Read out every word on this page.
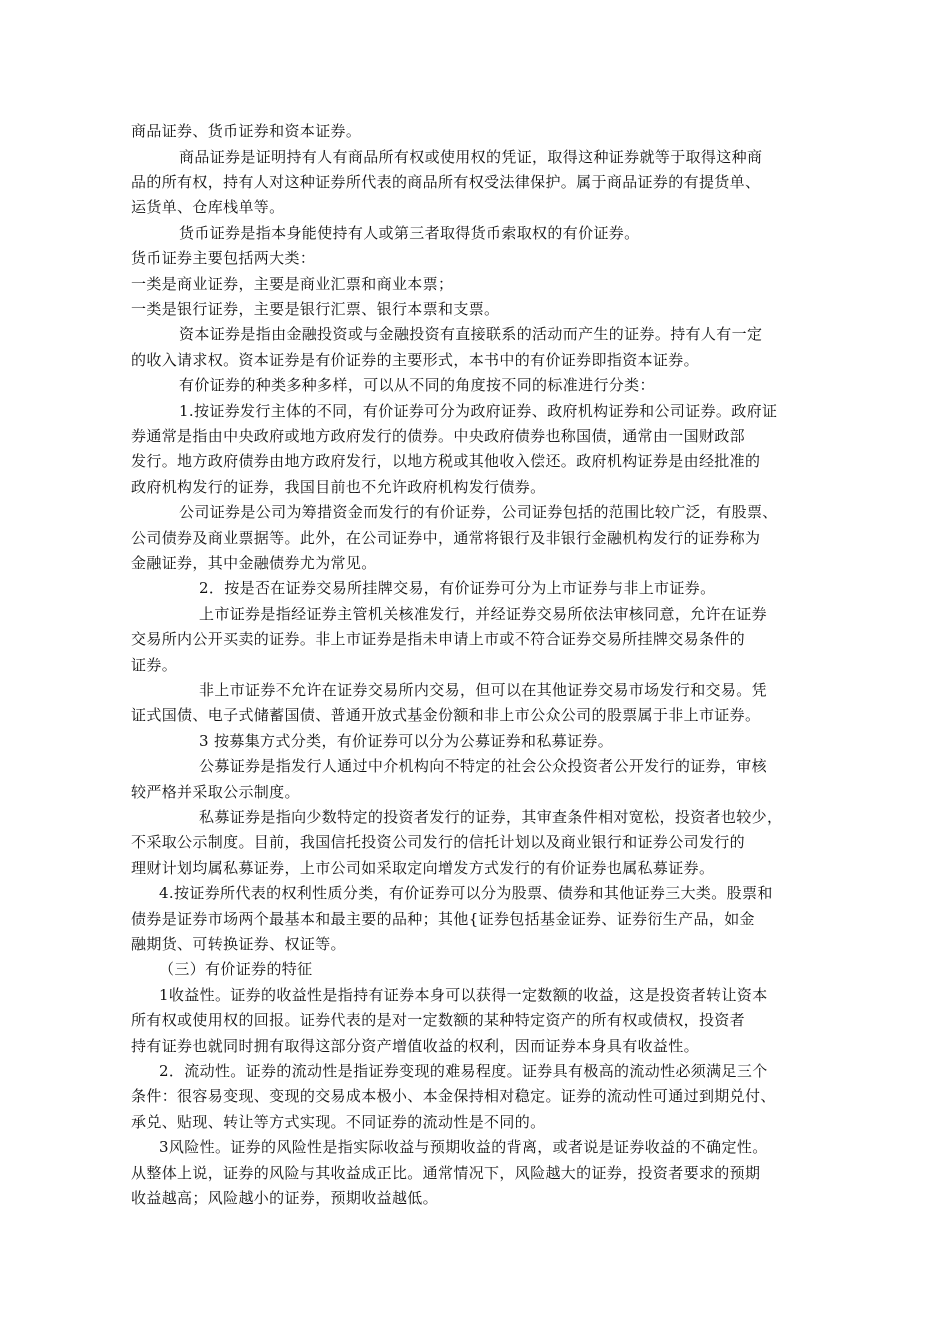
商品证券、货币证券和资本证券。

商品证券是证明持有人有商品所有权或使用权的凭证，取得这种证券就等于取得这种商

品的所有权，持有人对这种证券所代表的商品所有权受法律保护。属于商品证券的有提货单、

运货单、仓库栈单等。

货币证券是指本身能使持有人或第三者取得货币索取权的有价证券。

货币证券主要包括两大类：

一类是商业证券，主要是商业汇票和商业本票；

一类是银行证券，主要是银行汇票、银行本票和支票。

资本证券是指由金融投资或与金融投资有直接联系的活动而产生的证券。持有人有一定

的收入请求权。资本证券是有价证券的主要形式，本书中的有价证券即指资本证券。

有价证券的种类多种多样，可以从不同的角度按不同的标准进行分类：

1.按证券发行主体的不同，有价证券可分为政府证券、政府机构证券和公司证券。政府证

券通常是指由中央政府或地方政府发行的债券。中央政府债券也称国债，通常由一国财政部

发行。地方政府债券由地方政府发行，以地方税或其他收入偿还。政府机构证券是由经批准的

政府机构发行的证券，我国目前也不允许政府机构发行债券。

公司证券是公司为筹措资金而发行的有价证券，公司证券包括的范围比较广泛，有股票、

公司债券及商业票据等。此外，在公司证券中，通常将银行及非银行金融机构发行的证券称为

金融证券，其中金融债券尤为常见。

2．按是否在证券交易所挂牌交易，有价证券可分为上市证券与非上市证券。

上市证券是指经证券主管机关核准发行，并经证券交易所依法审核同意，允许在证券

交易所内公开买卖的证券。非上市证券是指未申请上市或不符合证券交易所挂牌交易条件的

证券。

非上市证券不允许在证券交易所内交易，但可以在其他证券交易市场发行和交易。凭

证式国债、电子式储蓄国债、普通开放式基金份额和非上市公众公司的股票属于非上市证券。

3 按募集方式分类，有价证券可以分为公募证券和私募证券。

公募证券是指发行人通过中介机构向不特定的社会公众投资者公开发行的证券，审核

较严格并采取公示制度。

私募证券是指向少数特定的投资者发行的证券，其审查条件相对宽松，投资者也较少，

不采取公示制度。目前，我国信托投资公司发行的信托计划以及商业银行和证券公司发行的

理财计划均属私募证券，上市公司如采取定向增发方式发行的有价证券也属私募证券。

4.按证券所代表的权利性质分类，有价证券可以分为股票、债券和其他证券三大类。股票和

债券是证券市场两个最基本和最主要的品种；其他{证券包括基金证券、证券衍生产品，如金

融期货、可转换证券、权证等。

（三）有价证券的特征

1收益性。证券的收益性是指持有证券本身可以获得一定数额的收益，这是投资者转让资本

所有权或使用权的回报。证券代表的是对一定数额的某种特定资产的所有权或债权，投资者

持有证券也就同时拥有取得这部分资产增值收益的权利，因而证券本身具有收益性。

2．流动性。证券的流动性是指证券变现的难易程度。证券具有极高的流动性必须满足三个

条件：很容易变现、变现的交易成本极小、本金保持相对稳定。证券的流动性可通过到期兑付、

承兑、贴现、转让等方式实现。不同证券的流动性是不同的。

3风险性。证券的风险性是指实际收益与预期收益的背离，或者说是证券收益的不确定性。

从整体上说，证券的风险与其收益成正比。通常情况下，风险越大的证券，投资者要求的预期

收益越高；风险越小的证券，预期收益越低。
